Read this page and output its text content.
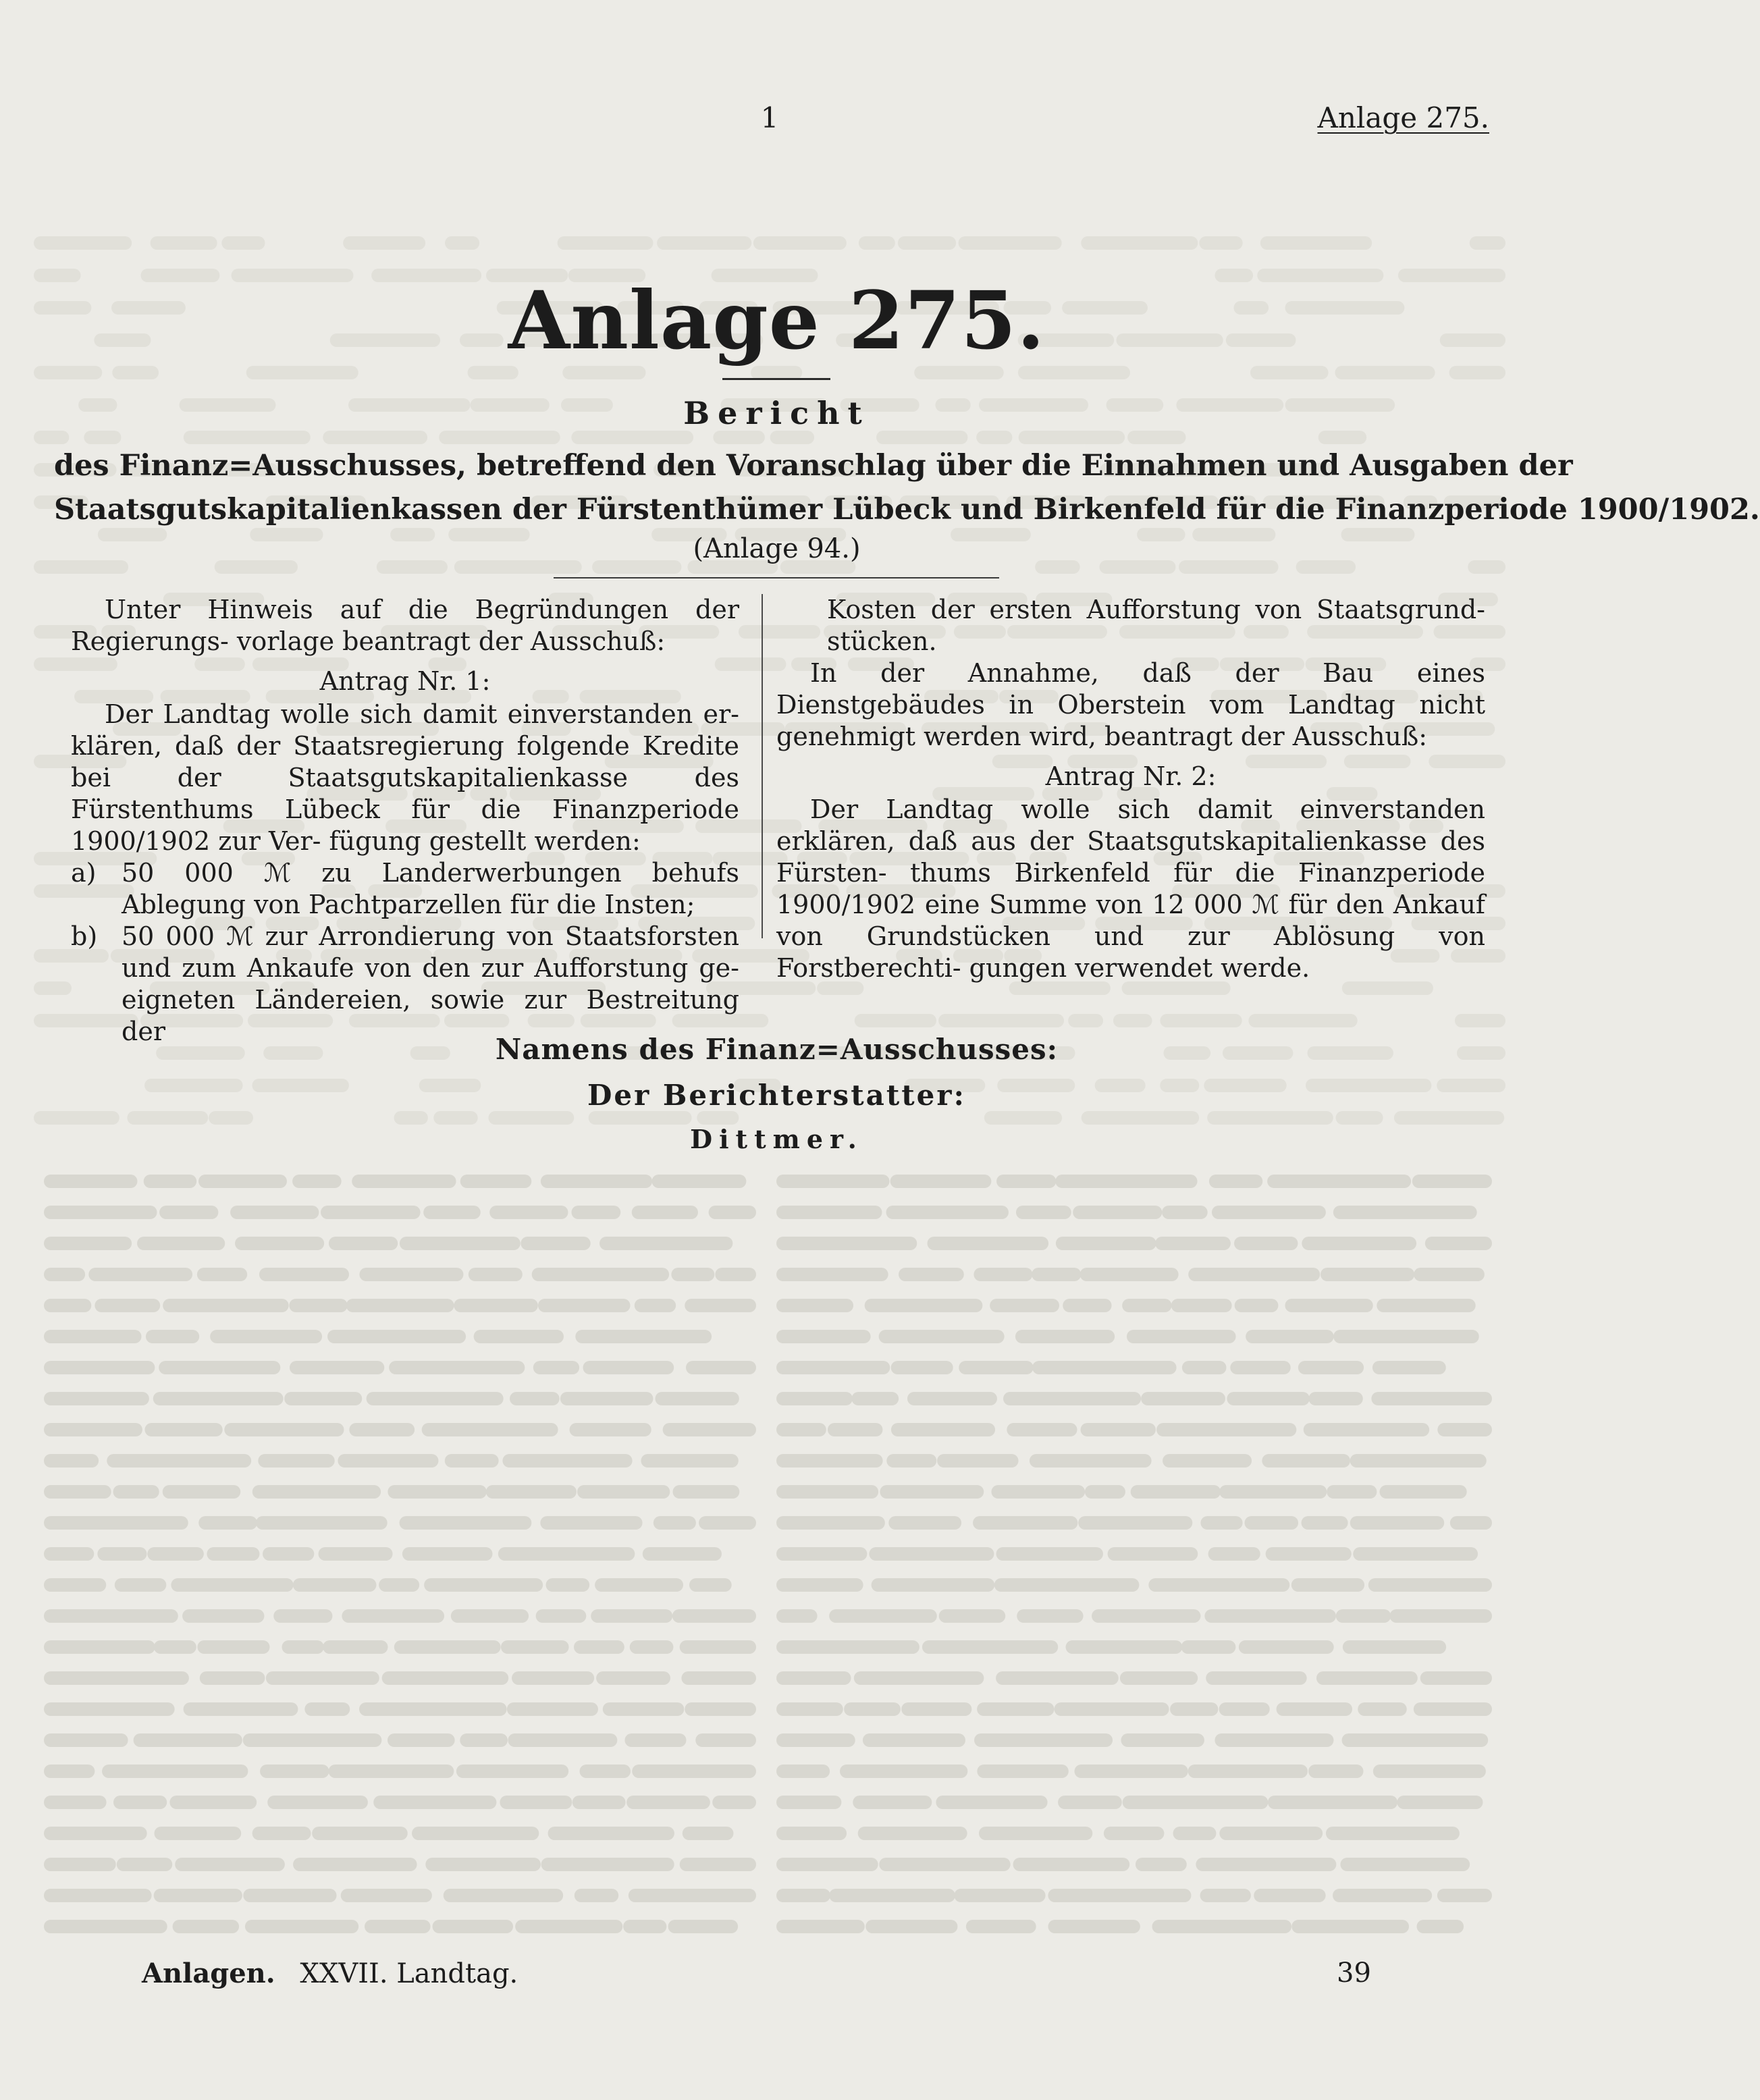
1	Anlage 275.
Anlage 275.
Bericht
des Finanz=Ausschusses, betreffend den Voranschlag über die Einnahmen und Ausgaben der
Staatsgutskapitalienkassen der Fürstenthümer Lübeck und Birkenfeld für die Finanzperiode 1900/1902.
(Anlage 94.)

Unter Hinweis auf die Begründungen der Regierungs- vorlage beantragt der Ausschuß:

Antrag Nr. 1:

Der Landtag wolle sich damit einverstanden er- klären, daß der Staatsregierung folgende Kredite bei der Staatsgutskapitalienkasse des Fürstenthums Lübeck für die Finanzperiode 1900/1902 zur Ver- fügung gestellt werden:

a) 50 000 ℳ zu Landerwerbungen behufs Ablegung von Pachtparzellen für die Insten;
b) 50 000 ℳ zur Arrondierung von Staatsforsten und zum Ankaufe von den zur Aufforstung ge- eigneten Ländereien, sowie zur Bestreitung der

Kosten der ersten Aufforstung von Staatsgrund- stücken.

In der Annahme, daß der Bau eines Dienstgebäudes in Oberstein vom Landtag nicht genehmigt werden wird, beantragt der Ausschuß:

Antrag Nr. 2:

Der Landtag wolle sich damit einverstanden erklären, daß aus der Staatsgutskapitalienkasse des Fürsten- thums Birkenfeld für die Finanzperiode 1900/1902 eine Summe von 12 000 ℳ für den Ankauf von Grundstücken und zur Ablösung von Forstberechti- gungen verwendet werde.

Namens des Finanz=Ausschusses:
Der Berichterstatter:
Dittmer.
Anlagen. XXVII. Landtag.	39
